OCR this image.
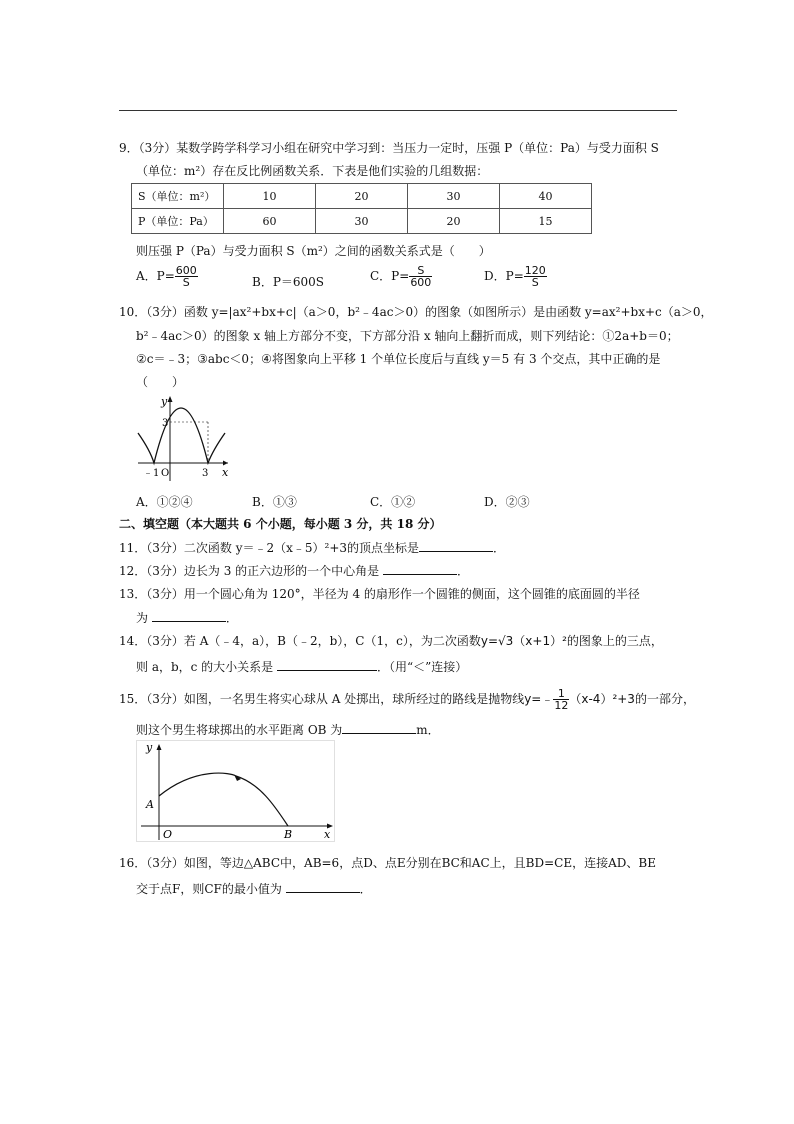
9．（3分）某数学跨学科学习小组在研究中学习到：当压力一定时，压强 P（单位：Pa）与受力面积 S
（单位：m²）存在反比例函数关系．下表是他们实验的几组数据：
S（单位：m²）	10	20	30	40
P（单位：Pa）	60	30	20	15
则压强 P（Pa）与受力面积 S（m²）之间的函数关系式是（　　）
A．$P= \frac{600}{S}$	B．P＝600S	C．$P= \frac{S}{600}$	D．$P= \frac{120}{S}$
10．（3分）函数 y=|ax²+bx+c|（a＞0，b²﹣4ac＞0）的图象（如图所示）是由函数 y=ax²+bx+c（a＞0，
b²﹣4ac＞0）的图象 x 轴上方部分不变，下方部分沿 x 轴向上翻折而成，则下列结论：①2a+b＝0；
②c＝﹣3；③abc＜0；④将图象向上平移 1 个单位长度后与直线 y＝5 有 3 个交点，其中正确的是
（　　）
y
3
﹣1 O	3 x
A．①②④	B．①③	C．①②	D．②③
二、填空题（本大题共 6 个小题，每小题 3 分，共 18 分）
11．（3分）二次函数 y＝﹣2（x﹣5）²+3的顶点坐标是	．
12．（3分）边长为 3 的正六边形的一个中心角是	．
13．（3分）用一个圆心角为 120°，半径为 4 的扇形作一个圆锥的侧面，这个圆锥的底面圆的半径
为	．
14．（3分）若 A（﹣4，a），B（﹣2，b），C（1，c），为二次函数y=√3（x+1）²的图象上的三点，
则 a，b，c 的大小关系是	．（用“＜”连接）
15．（3分）如图，一名男生将实心球从 A 处掷出，球所经过的路线是抛物线y=﹣ $\frac{1}{12} (x-4)^2+3$的一部分，
则这个男生将球掷出的水平距离 OB 为	m．
y
A
O	B	x
16．（3分）如图，等边△ABC中，AB=6，点D、点E分别在BC和AC上，且BD=CE，连接AD、BE
交于点F，则CF的最小值为	．
